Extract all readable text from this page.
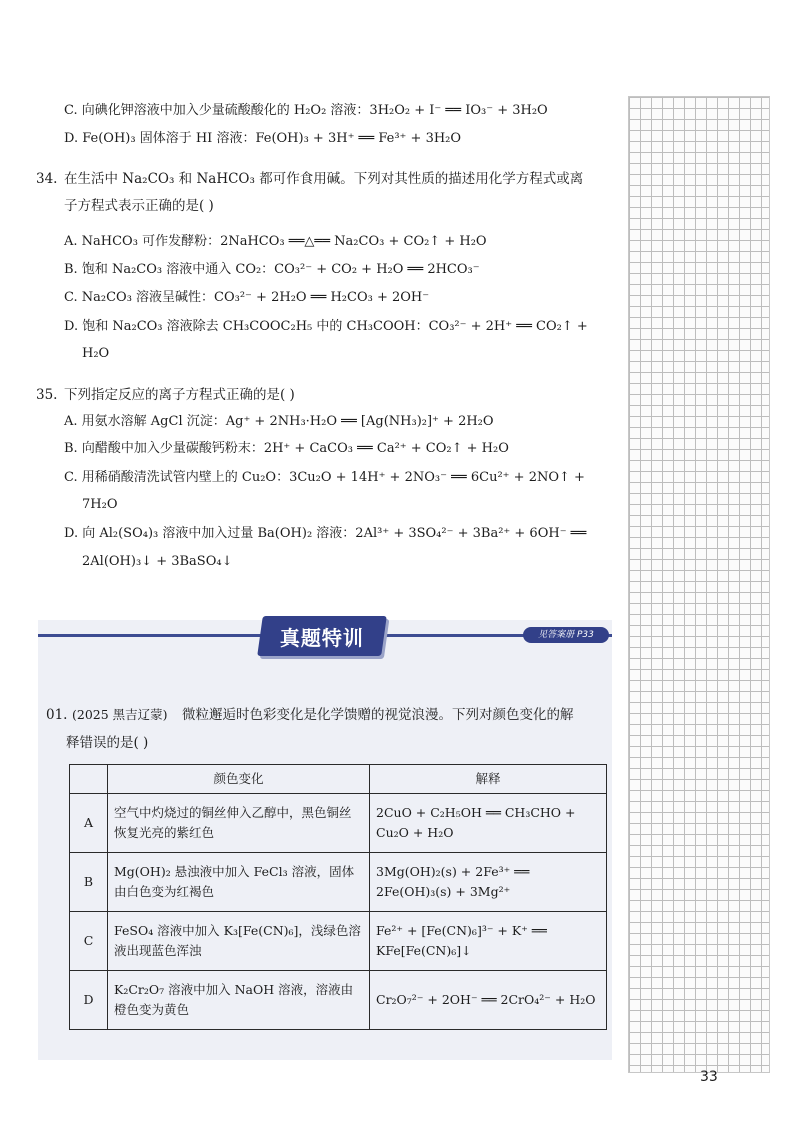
C. 向碘化钾溶液中加入少量硫酸酸化的 H₂O₂ 溶液：3H₂O₂ + I⁻ ══ IO₃⁻ + 3H₂O
D. Fe(OH)₃ 固体溶于 HI 溶液：Fe(OH)₃ + 3H⁺ ══ Fe³⁺ + 3H₂O
34. 在生活中 Na₂CO₃ 和 NaHCO₃ 都可作食用碱。下列对其性质的描述用化学方程式或离
子方程式表示正确的是( )
A. NaHCO₃ 可作发酵粉：2NaHCO₃ ══△══ Na₂CO₃ + CO₂↑ + H₂O
B. 饱和 Na₂CO₃ 溶液中通入 CO₂：CO₃²⁻ + CO₂ + H₂O ══ 2HCO₃⁻
C. Na₂CO₃ 溶液呈碱性：CO₃²⁻ + 2H₂O ══ H₂CO₃ + 2OH⁻
D. 饱和 Na₂CO₃ 溶液除去 CH₃COOC₂H₅ 中的 CH₃COOH：CO₃²⁻ + 2H⁺ ══ CO₂↑ +
H₂O
35. 下列指定反应的离子方程式正确的是( )
A. 用氨水溶解 AgCl 沉淀：Ag⁺ + 2NH₃·H₂O ══ [Ag(NH₃)₂]⁺ + 2H₂O
B. 向醋酸中加入少量碳酸钙粉末：2H⁺ + CaCO₃ ══ Ca²⁺ + CO₂↑ + H₂O
C. 用稀硝酸清洗试管内壁上的 Cu₂O：3Cu₂O + 14H⁺ + 2NO₃⁻ ══ 6Cu²⁺ + 2NO↑ +
7H₂O
D. 向 Al₂(SO₄)₃ 溶液中加入过量 Ba(OH)₂ 溶液：2Al³⁺ + 3SO₄²⁻ + 3Ba²⁺ + 6OH⁻ ══
2Al(OH)₃↓ + 3BaSO₄↓
真题特训	见答案册 P33
01. (2025 黑吉辽蒙) 微粒邂逅时色彩变化是化学馈赠的视觉浪漫。下列对颜色变化的解
释错误的是( )
	颜色变化	解释
A	空气中灼烧过的铜丝伸入乙醇中，黑色铜丝恢复光亮的紫红色	2CuO + C₂H₅OH ══ CH₃CHO + Cu₂O + H₂O
B	Mg(OH)₂ 悬浊液中加入 FeCl₃ 溶液，固体由白色变为红褐色	3Mg(OH)₂(s) + 2Fe³⁺ ══ 2Fe(OH)₃(s) + 3Mg²⁺
C	FeSO₄ 溶液中加入 K₃[Fe(CN)₆]，浅绿色溶液出现蓝色浑浊	Fe²⁺ + [Fe(CN)₆]³⁻ + K⁺ ══ KFe[Fe(CN)₆]↓
D	K₂Cr₂O₇ 溶液中加入 NaOH 溶液，溶液由橙色变为黄色	Cr₂O₇²⁻ + 2OH⁻ ══ 2CrO₄²⁻ + H₂O
33
